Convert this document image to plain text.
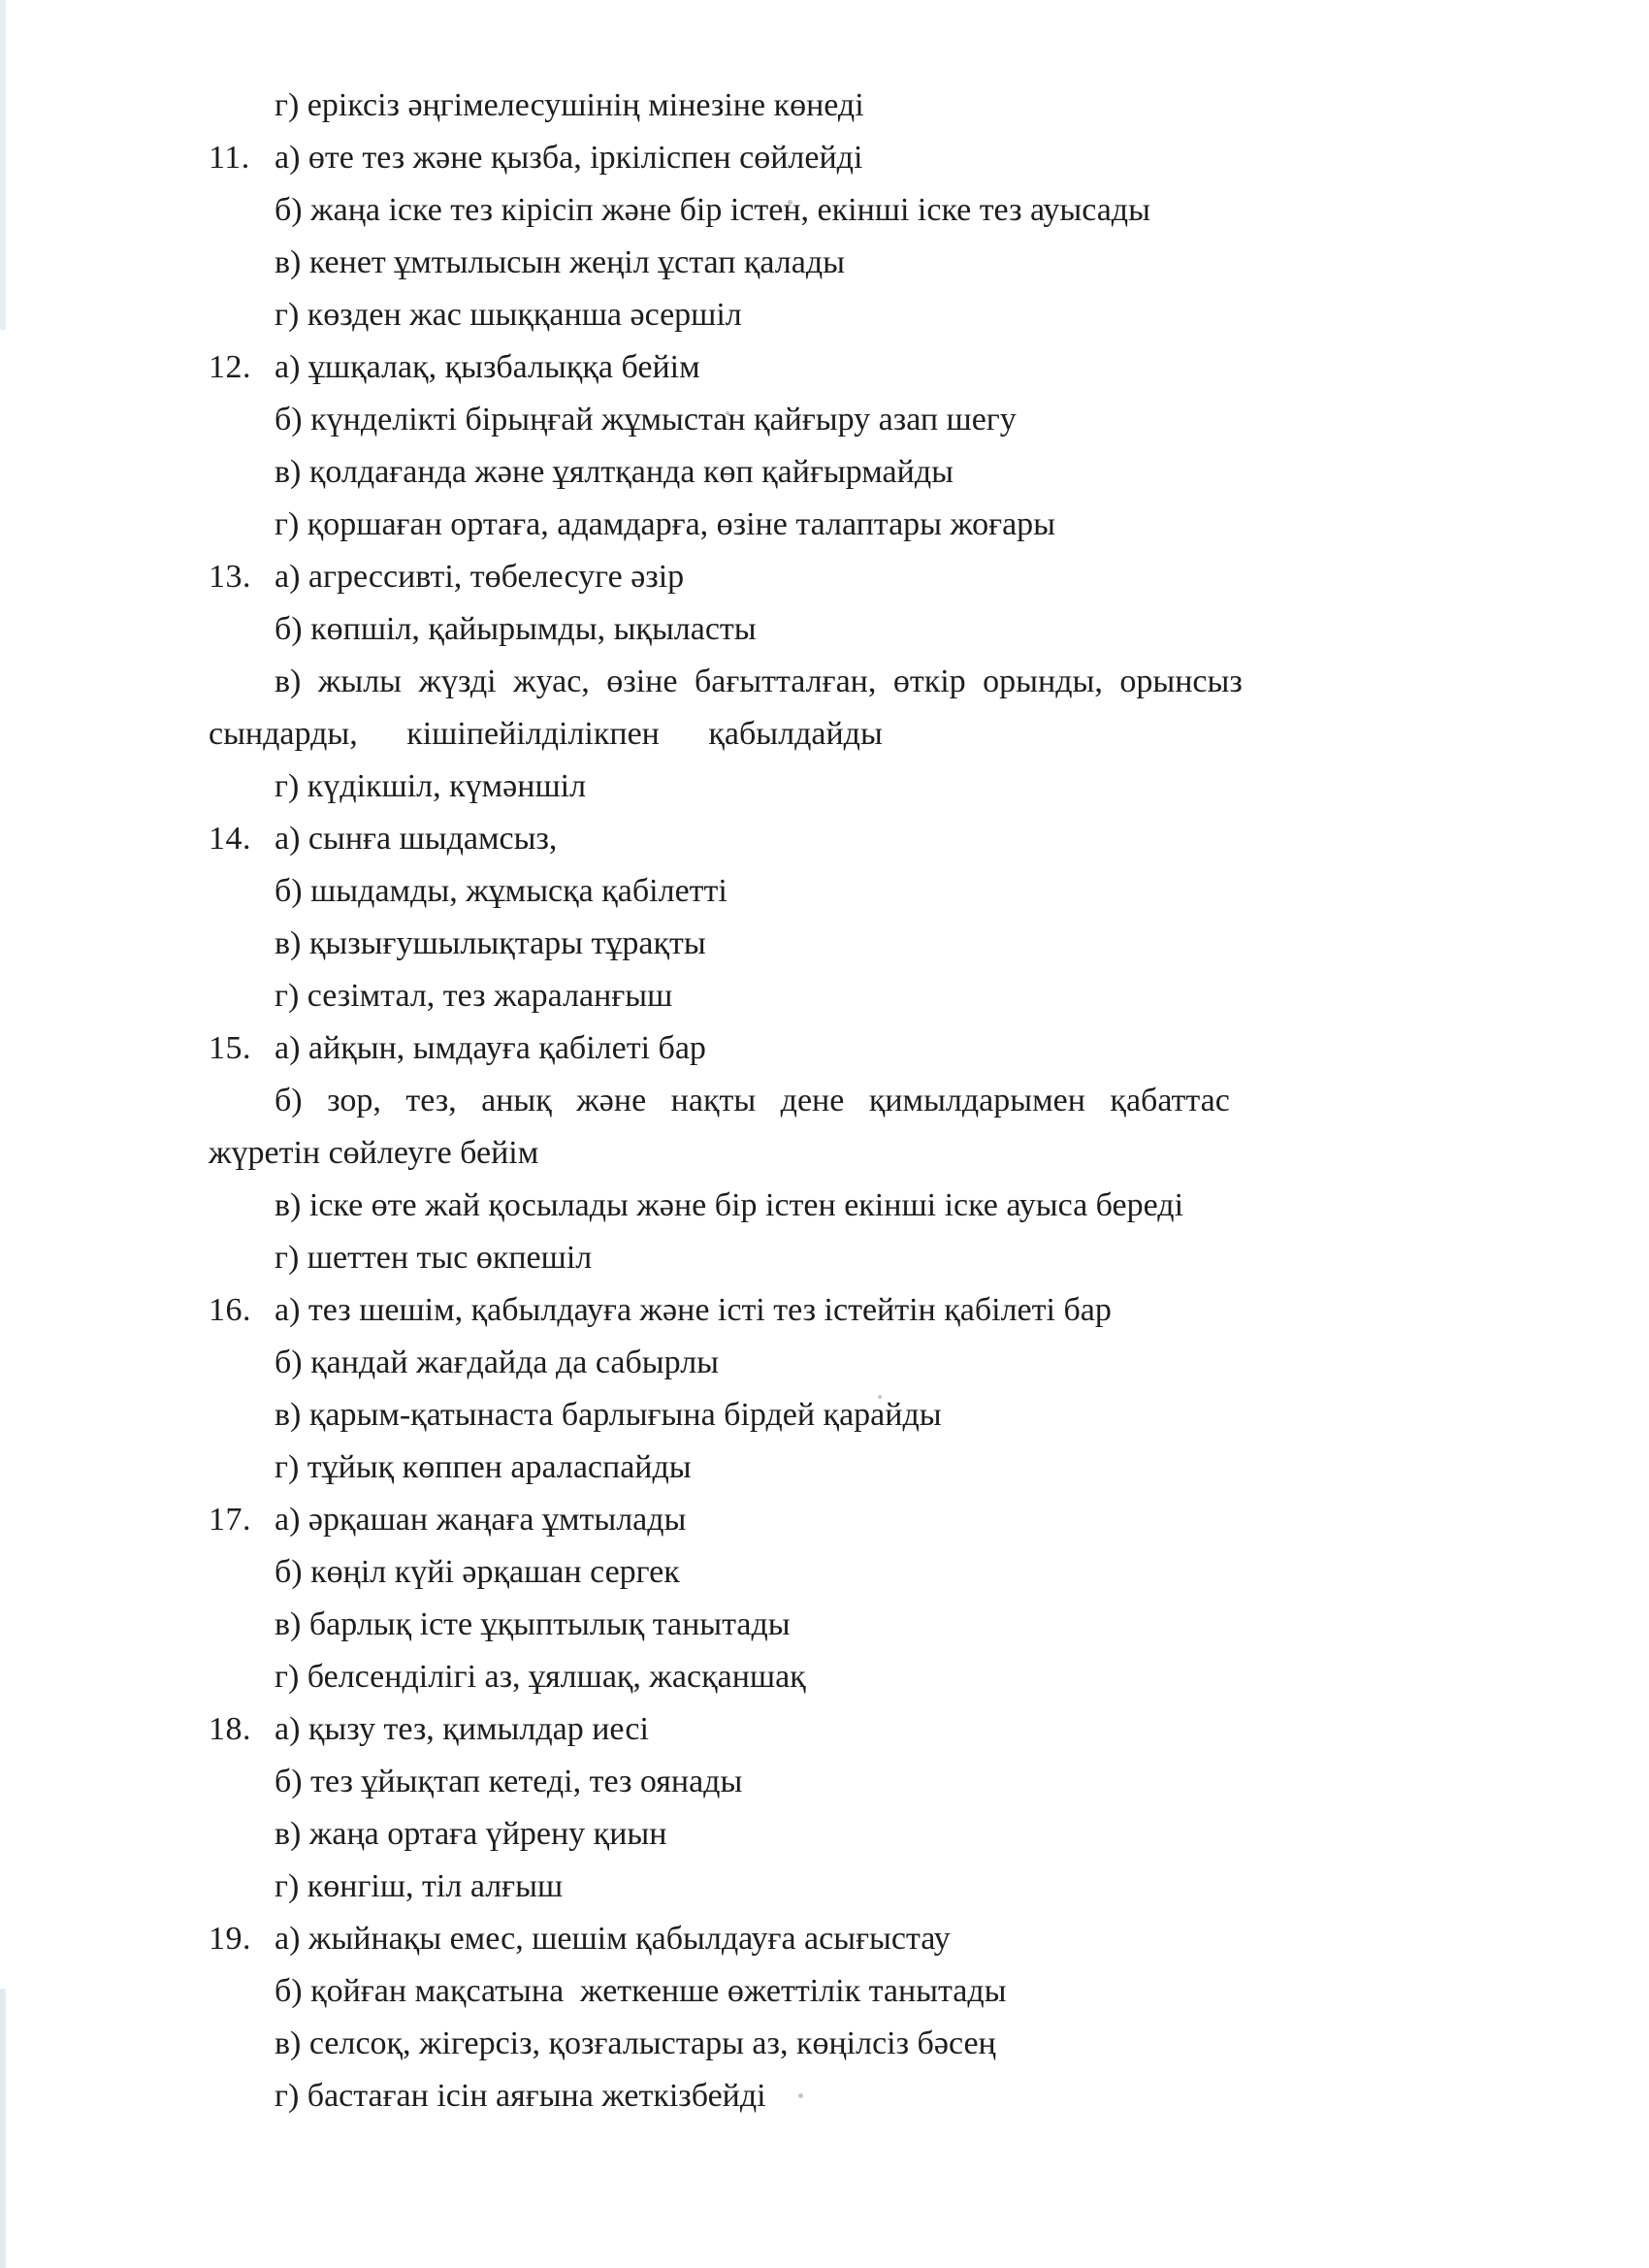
г) еріксіз әңгімелесушінің мінезіне көнеді
11. а) өте тез және қызба, іркіліспен сөйлейді
б) жаңа іске тез кірісіп және бір істен, екінші іске тез ауысады
в) кенет ұмтылысын жеңіл ұстап қалады
г) көзден жас шыққанша әсершіл
12. а) ұшқалақ, қызбалыққа бейім
б) күнделікті бірыңғай жұмыстан қайғыру азап шегу
в) қолдағанда және ұялтқанда көп қайғырмайды
г) қоршаған ортаға, адамдарға, өзіне талаптары жоғары
13. а) агрессивті, төбелесуге әзір
б) көпшіл, қайырымды, ықыласты
в) жылы жүзді жуас, өзіне бағытталған, өткір орынды, орынсыз
сындарды, кішіпейілділікпен қабылдайды
г) күдікшіл, күмәншіл
14. а) сынға шыдамсыз,
б) шыдамды, жұмысқа қабілетті
в) қызығушылықтары тұрақты
г) сезімтал, тез жараланғыш
15. а) айқын, ымдауға қабілеті бар
б) зор, тез, анық және нақты дене қимылдарымен қабаттас
жүретін сөйлеуге бейім
в) іске өте жай қосылады және бір істен екінші іске ауыса береді
г) шеттен тыс өкпешіл
16. а) тез шешім, қабылдауға және істі тез істейтін қабілеті бар
б) қандай жағдайда да сабырлы
в) қарым-қатынаста барлығына бірдей қарайды
г) тұйық көппен араласпайды
17. а) әрқашан жаңаға ұмтылады
б) көңіл күйі әрқашан сергек
в) барлық істе ұқыптылық танытады
г) белсенділігі аз, ұялшақ, жасқаншақ
18. а) қызу тез, қимылдар иесі
б) тез ұйықтап кетеді, тез оянады
в) жаңа ортаға үйрену қиын
г) көнгіш, тіл алғыш
19. а) жыйнақы емес, шешім қабылдауға асығыстау
б) қойған мақсатына  жеткенше өжеттілік танытады
в) селсоқ, жігерсіз, қозғалыстары аз, көңілсіз бәсең
г) бастаған ісін аяғына жеткізбейді
